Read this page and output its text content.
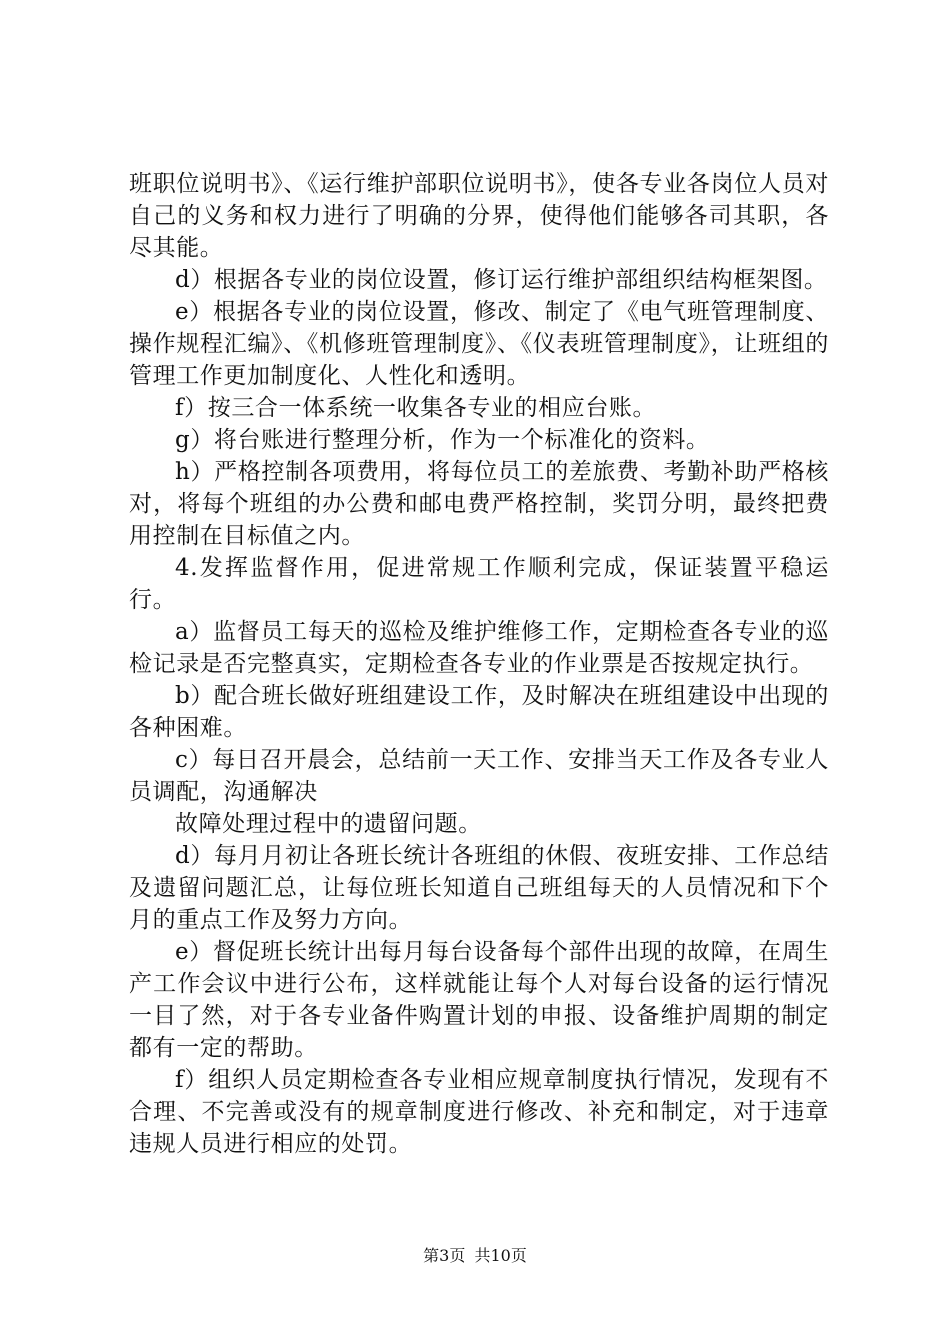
班职位说明书》、《运行维护部职位说明书》，使各专业各岗位人员对自己的义务和权力进行了明确的分界，使得他们能够各司其职，各尽其能。

d）根据各专业的岗位设置，修订运行维护部组织结构框架图。

e）根据各专业的岗位设置，修改、制定了《电气班管理制度、操作规程汇编》、《机修班管理制度》、《仪表班管理制度》，让班组的管理工作更加制度化、人性化和透明。

f）按三合一体系统一收集各专业的相应台账。

g）将台账进行整理分析，作为一个标准化的资料。

h）严格控制各项费用，将每位员工的差旅费、考勤补助严格核对，将每个班组的办公费和邮电费严格控制，奖罚分明，最终把费用控制在目标值之内。

4.发挥监督作用，促进常规工作顺利完成，保证装置平稳运行。

a）监督员工每天的巡检及维护维修工作，定期检查各专业的巡检记录是否完整真实，定期检查各专业的作业票是否按规定执行。

b）配合班长做好班组建设工作，及时解决在班组建设中出现的各种困难。

c）每日召开晨会，总结前一天工作、安排当天工作及各专业人员调配，沟通解决

故障处理过程中的遗留问题。

d）每月月初让各班长统计各班组的休假、夜班安排、工作总结及遗留问题汇总，让每位班长知道自己班组每天的人员情况和下个月的重点工作及努力方向。

e）督促班长统计出每月每台设备每个部件出现的故障，在周生产工作会议中进行公布，这样就能让每个人对每台设备的运行情况一目了然，对于各专业备件购置计划的申报、设备维护周期的制定都有一定的帮助。

f）组织人员定期检查各专业相应规章制度执行情况，发现有不合理、不完善或没有的规章制度进行修改、补充和制定，对于违章违规人员进行相应的处罚。

第3页 共10页
